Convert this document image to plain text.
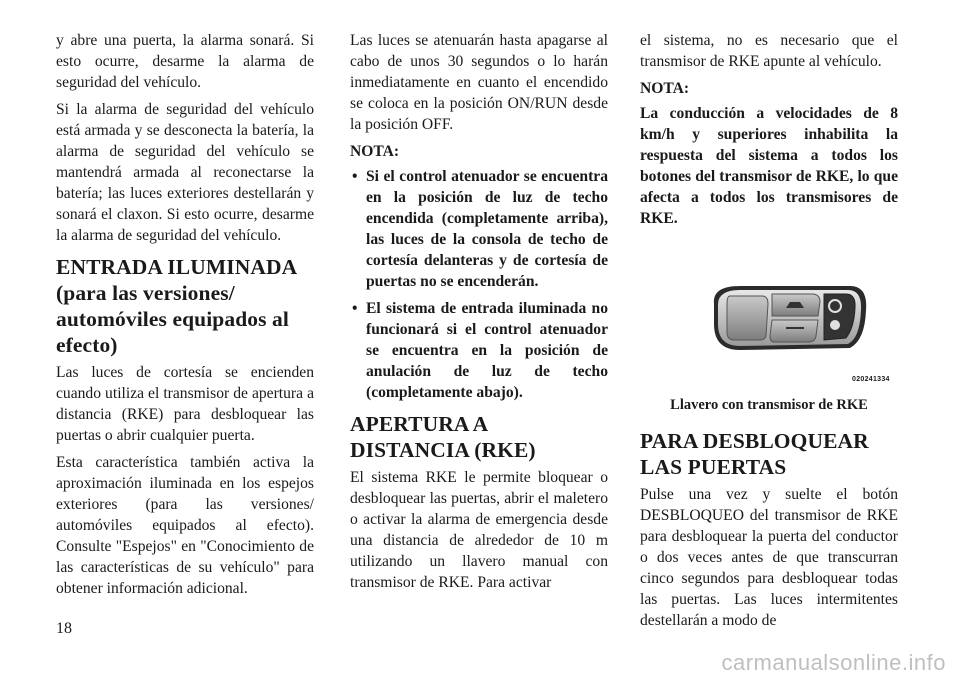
y abre una puerta, la alarma sonará. Si esto ocurre, desarme la alarma de seguridad del vehículo.

Si la alarma de seguridad del vehículo está armada y se desconecta la batería, la alarma de seguridad del vehículo se mantendrá armada al reconectarse la batería; las luces exteriores destellarán y sonará el claxon. Si esto ocurre, desarme la alarma de seguridad del vehículo.

ENTRADA ILUMINADA (para las versiones/ automóviles equipados al efecto)

Las luces de cortesía se encienden cuando utiliza el transmisor de apertura a distancia (RKE) para desbloquear las puertas o abrir cualquier puerta.

Esta característica también activa la aproximación iluminada en los espejos exteriores (para las versiones/ automóviles equipados al efecto). Consulte "Espejos" en "Conocimiento de las características de su vehículo" para obtener información adicional.

Las luces se atenuarán hasta apagarse al cabo de unos 30 segundos o lo harán inmediatamente en cuanto el encendido se coloca en la posición ON/RUN desde la posición OFF.

NOTA:

• Si el control atenuador se encuentra en la posición de luz de techo encendida (completamente arriba), las luces de la consola de techo de cortesía delanteras y de cortesía de puertas no se encenderán.
• El sistema de entrada iluminada no funcionará si el control atenuador se encuentra en la posición de anulación de luz de techo (completamente abajo).
APERTURA A DISTANCIA (RKE)

El sistema RKE le permite bloquear o desbloquear las puertas, abrir el maletero o activar la alarma de emergencia desde una distancia de alrededor de 10 m utilizando un llavero manual con transmisor de RKE. Para activar

el sistema, no es necesario que el transmisor de RKE apunte al vehículo.

NOTA:

La conducción a velocidades de 8 km/h y superiores inhabilita la respuesta del sistema a todos los botones del transmisor de RKE, lo que afecta a todos los transmisores de RKE.

020241334
Llavero con transmisor de RKE
PARA DESBLOQUEAR LAS PUERTAS

Pulse una vez y suelte el botón DESBLOQUEO del transmisor de RKE para desbloquear la puerta del conductor o dos veces antes de que transcurran cinco segundos para desbloquear todas las puertas. Las luces intermitentes destellarán a modo de

18
carmanualsonline.info
